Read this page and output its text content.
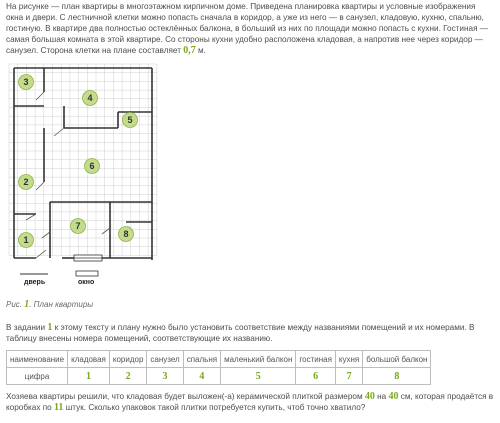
На рисунке — план квартиры в многоэтажном кирпичном доме. Приведена планировка квартиры и условные изображения окна и двери. С лестничной клетки можно попасть сначала в коридор, а уже из него — в санузел, кладовую, кухню, спальню, гостиную. В квартире два полностью остеклённых балкона, в больший из них по площади можно попасть с кухни. Гостиная — самая большая комната в этой квартире. Со стороны кухни удобно расположена кладовая, а напротив нее через коридор — санузел. Сторона клетки на плане составляет 0,7 м.
3
4
5
6
2
7
8
1
дверь	окно
Рис. 1. План квартиры
В задании 1 к этому тексту и плану нужно было установить соответствие между названиями помещений и их номерами. В таблицу внесены номера помещений, соответствующие их названию.
наименование	кладовая	коридор	санузел	спальня	маленький балкон	гостиная	кухня	большой балкон
цифра	1	2	3	4	5	6	7	8
Хозяева квартиры решили, что кладовая будет выложен(-а) керамической плиткой размером 40 на 40 см, которая продаётся в коробках по 11 штук. Сколько упаковок такой плитки потребуется купить, чтоб точно хватило?
